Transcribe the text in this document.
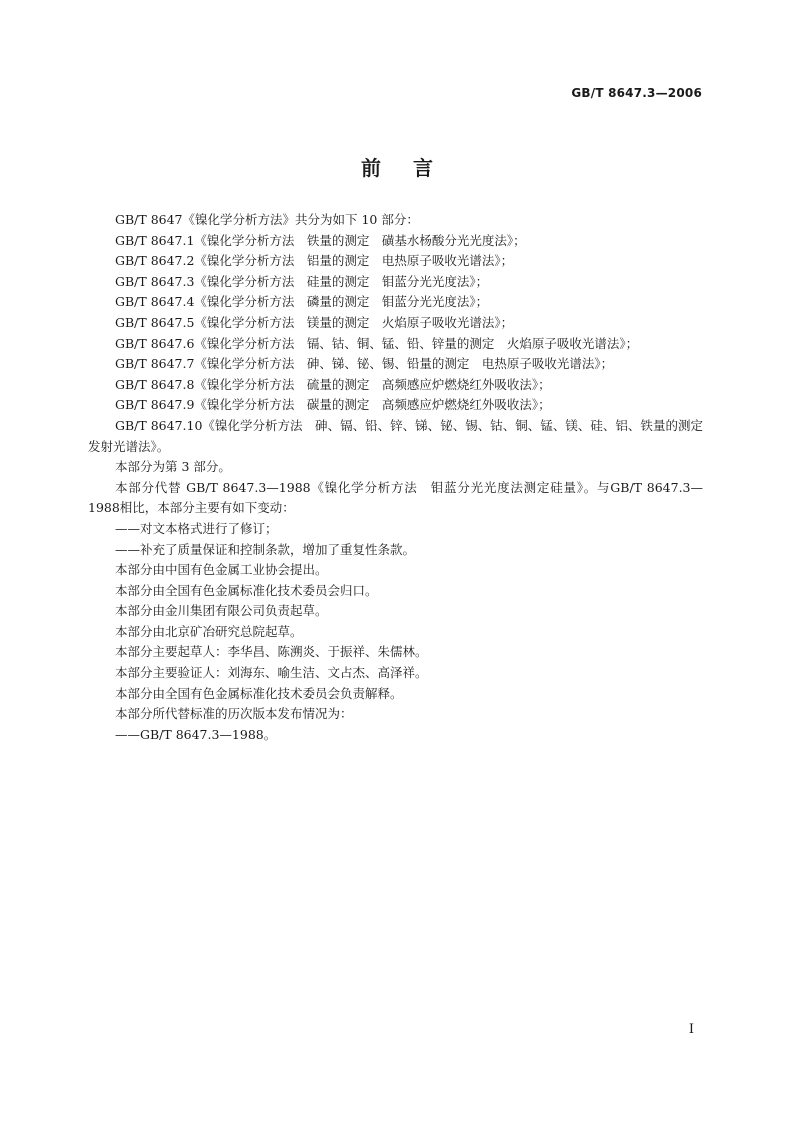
GB/T 8647.3—2006
前言

GB/T 8647《镍化学分析方法》共分为如下 10 部分：

GB/T 8647.1《镍化学分析方法　铁量的测定　磺基水杨酸分光光度法》；

GB/T 8647.2《镍化学分析方法　铝量的测定　电热原子吸收光谱法》；

GB/T 8647.3《镍化学分析方法　硅量的测定　钼蓝分光光度法》；

GB/T 8647.4《镍化学分析方法　磷量的测定　钼蓝分光光度法》；

GB/T 8647.5《镍化学分析方法　镁量的测定　火焰原子吸收光谱法》；

GB/T 8647.6《镍化学分析方法　镉、钴、铜、锰、铅、锌量的测定　火焰原子吸收光谱法》；

GB/T 8647.7《镍化学分析方法　砷、锑、铋、锡、铅量的测定　电热原子吸收光谱法》；

GB/T 8647.8《镍化学分析方法　硫量的测定　高频感应炉燃烧红外吸收法》；

GB/T 8647.9《镍化学分析方法　碳量的测定　高频感应炉燃烧红外吸收法》；

GB/T 8647.10《镍化学分析方法　砷、镉、铅、锌、锑、铋、锡、钴、铜、锰、镁、硅、铝、铁量的测定　发射光谱法》。

本部分为第 3 部分。

本部分代替 GB/T 8647.3—1988《镍化学分析方法　钼蓝分光光度法测定硅量》。与GB/T 8647.3—1988相比，本部分主要有如下变动：

——对文本格式进行了修订；

——补充了质量保证和控制条款，增加了重复性条款。

本部分由中国有色金属工业协会提出。

本部分由全国有色金属标准化技术委员会归口。

本部分由金川集团有限公司负责起草。

本部分由北京矿冶研究总院起草。

本部分主要起草人：李华昌、陈溯炎、于振祥、朱儒林。

本部分主要验证人：刘海东、喻生洁、文占杰、高泽祥。

本部分由全国有色金属标准化技术委员会负责解释。

本部分所代替标准的历次版本发布情况为：

——GB/T 8647.3—1988。

I
